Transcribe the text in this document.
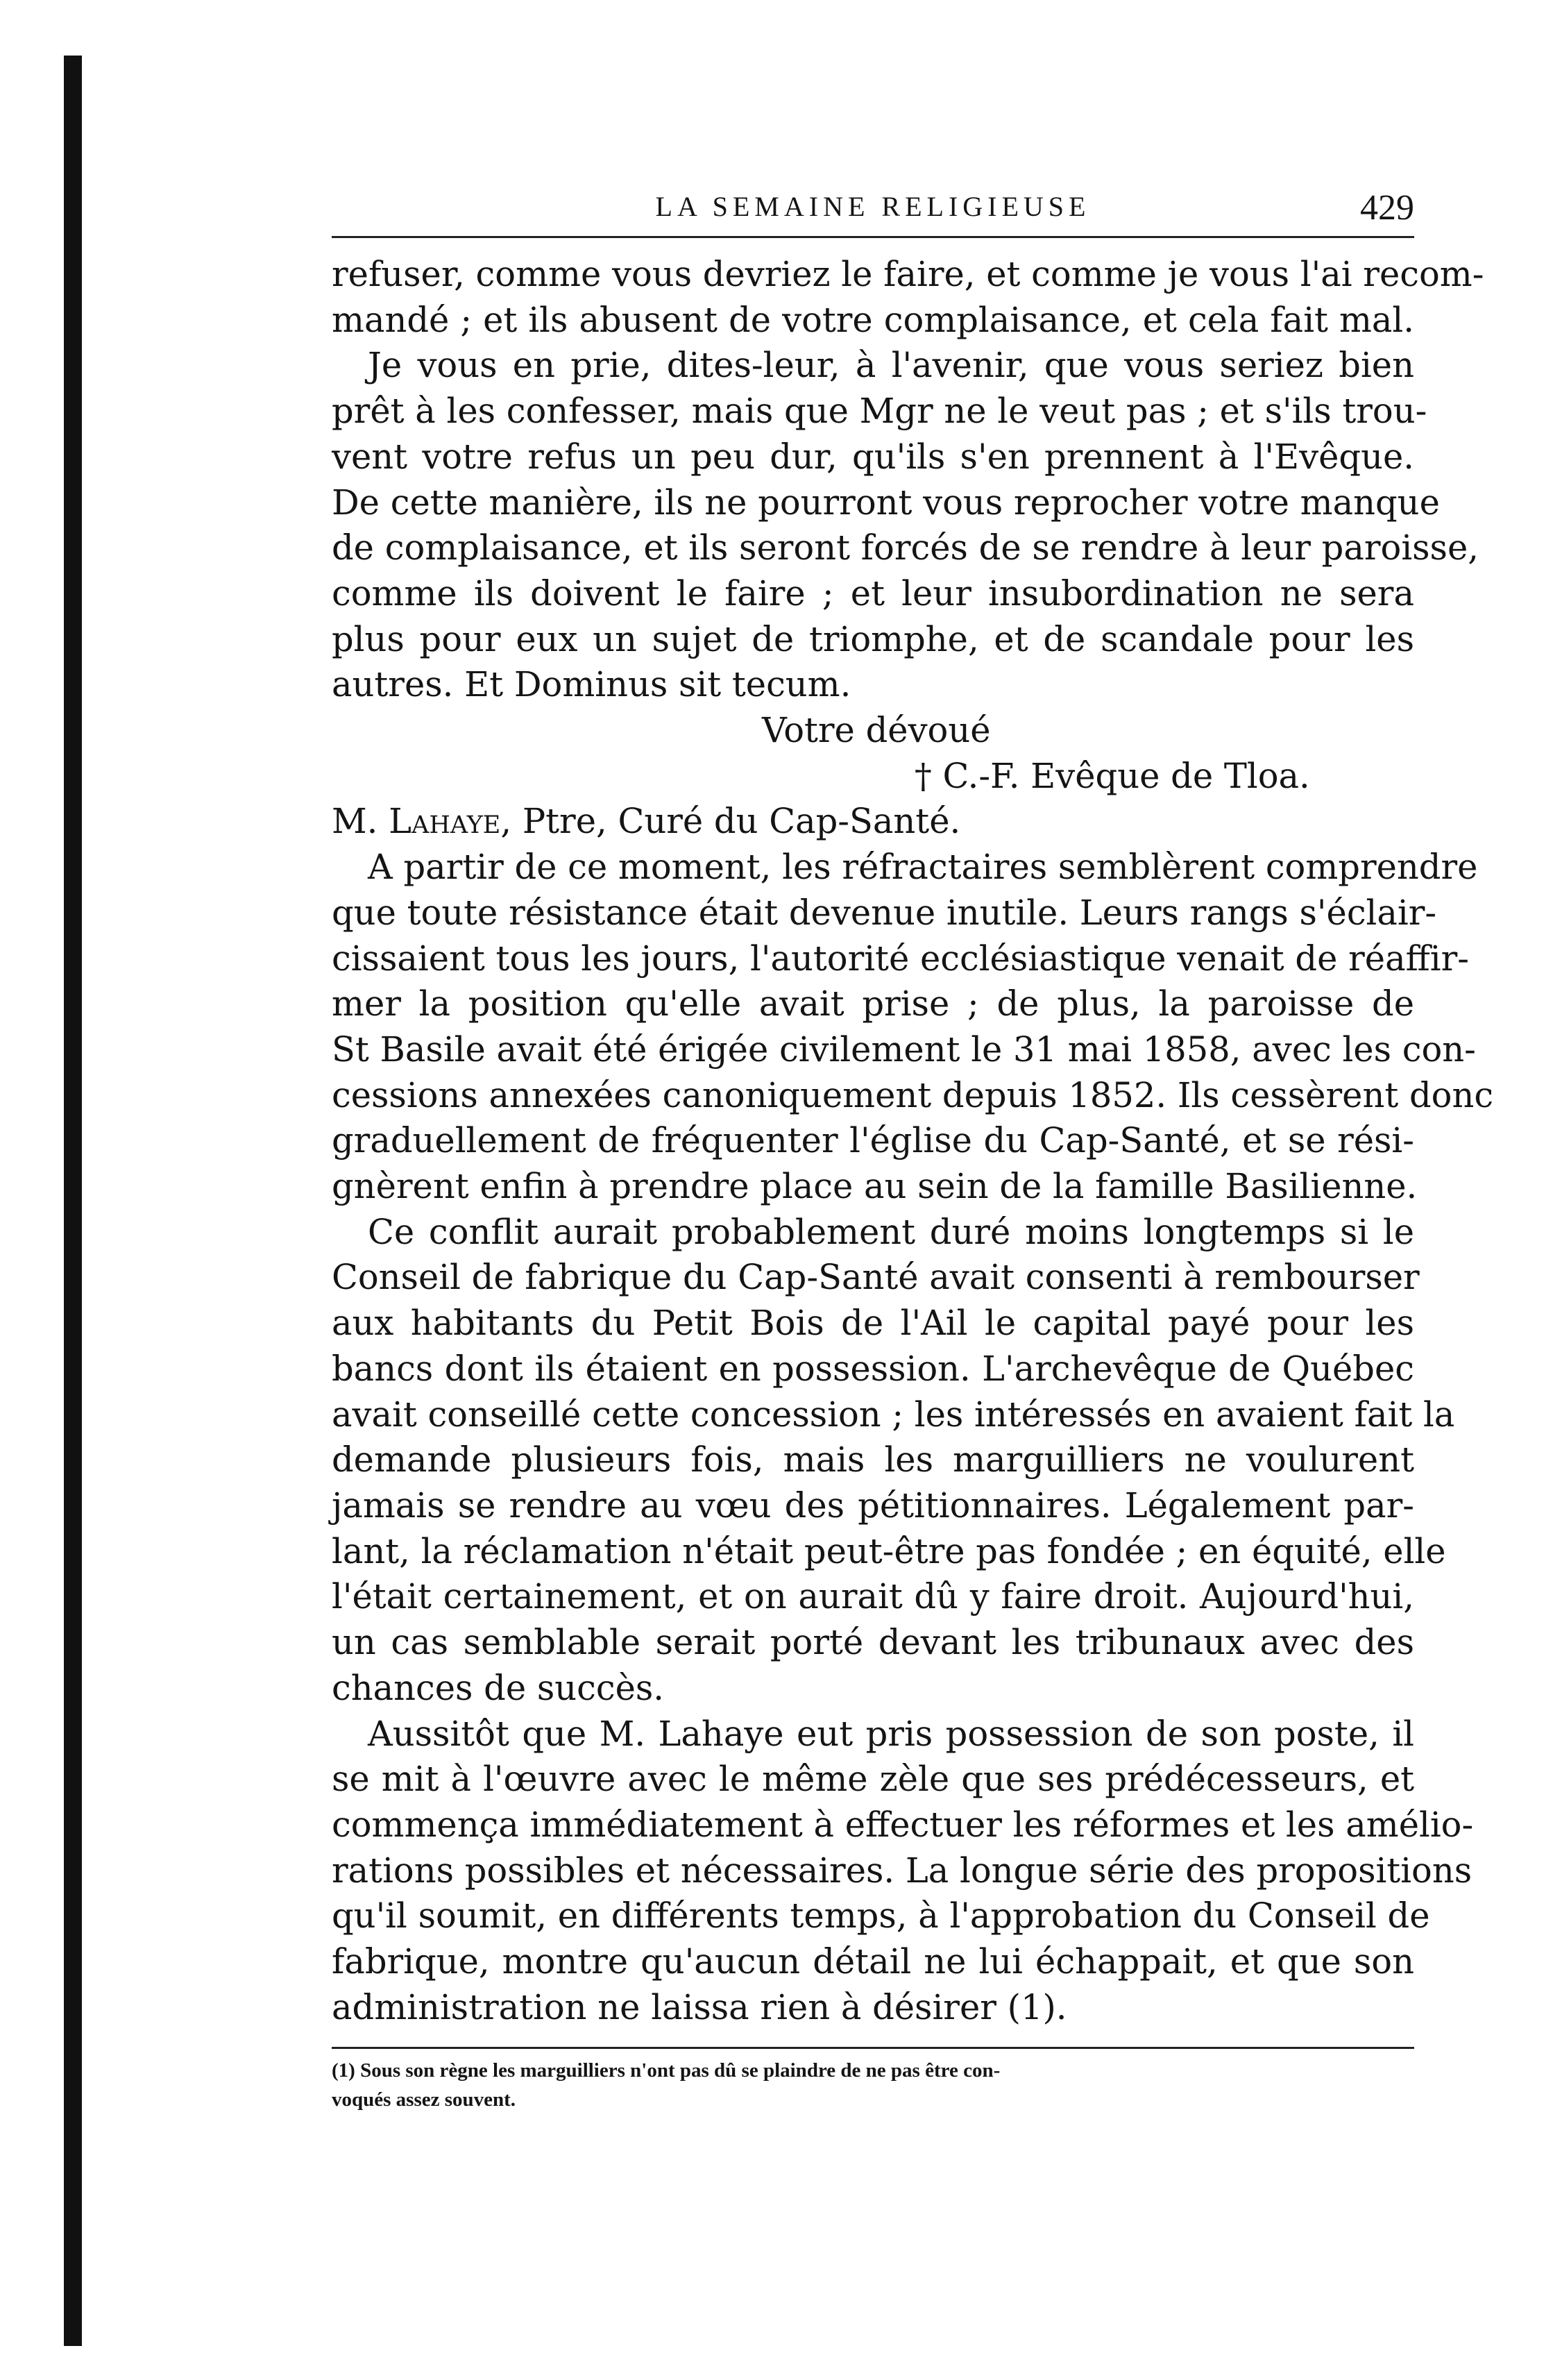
LA SEMAINE RELIGIEUSE	429
refuser, comme vous devriez le faire, et comme je vous l'ai recom-
mandé ; et ils abusent de votre complaisance, et cela fait mal.
Je vous en prie, dites-leur, à l'avenir, que vous seriez bien
prêt à les confesser, mais que Mgr ne le veut pas ; et s'ils trou-
vent votre refus un peu dur, qu'ils s'en prennent à l'Evêque.
De cette manière, ils ne pourront vous reprocher votre manque
de complaisance, et ils seront forcés de se rendre à leur paroisse,
comme ils doivent le faire ; et leur insubordination ne sera
plus pour eux un sujet de triomphe, et de scandale pour les
autres. Et Dominus sit tecum.
Votre dévoué
† C.-F. Evêque de Tloa.
M. Lahaye, Ptre, Curé du Cap-Santé.
A partir de ce moment, les réfractaires semblèrent comprendre
que toute résistance était devenue inutile. Leurs rangs s'éclair-
cissaient tous les jours, l'autorité ecclésiastique venait de réaffir-
mer la position qu'elle avait prise ; de plus, la paroisse de
St Basile avait été érigée civilement le 31 mai 1858, avec les con-
cessions annexées canoniquement depuis 1852. Ils cessèrent donc
graduellement de fréquenter l'église du Cap-Santé, et se rési-
gnèrent enfin à prendre place au sein de la famille Basilienne.
Ce conflit aurait probablement duré moins longtemps si le
Conseil de fabrique du Cap-Santé avait consenti à rembourser
aux habitants du Petit Bois de l'Ail le capital payé pour les
bancs dont ils étaient en possession. L'archevêque de Québec
avait conseillé cette concession ; les intéressés en avaient fait la
demande plusieurs fois, mais les marguilliers ne voulurent
jamais se rendre au vœu des pétitionnaires. Légalement par-
lant, la réclamation n'était peut-être pas fondée ; en équité, elle
l'était certainement, et on aurait dû y faire droit. Aujourd'hui,
un cas semblable serait porté devant les tribunaux avec des
chances de succès.
Aussitôt que M. Lahaye eut pris possession de son poste, il
se mit à l'œuvre avec le même zèle que ses prédécesseurs, et
commença immédiatement à effectuer les réformes et les amélio-
rations possibles et nécessaires. La longue série des propositions
qu'il soumit, en différents temps, à l'approbation du Conseil de
fabrique, montre qu'aucun détail ne lui échappait, et que son
administration ne laissa rien à désirer (1).
(1) Sous son règne les marguilliers n'ont pas dû se plaindre de ne pas être con-
voqués assez souvent.
